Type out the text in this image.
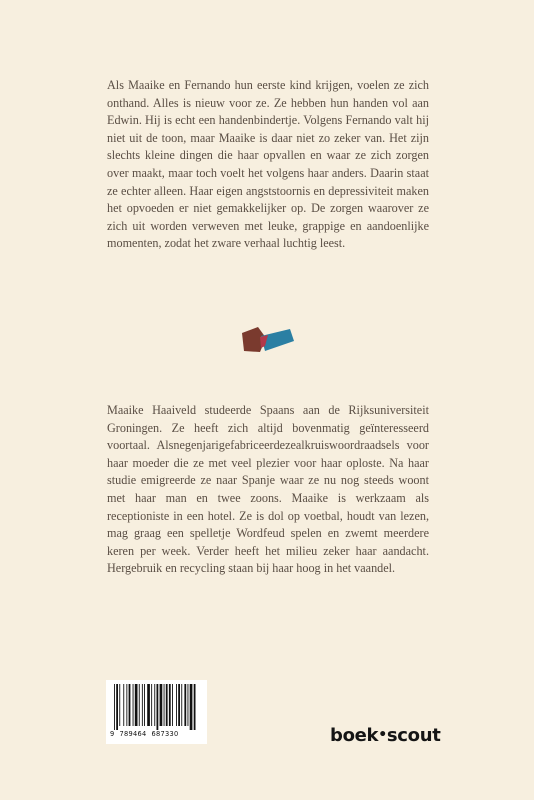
Als Maaike en Fernando hun eerste kind krijgen, voelen ze zich onthand. Alles is nieuw voor ze. Ze hebben hun handen vol aan Edwin. Hij is echt een handenbindertje. Volgens Fernando valt hij niet uit de toon, maar Maaike is daar niet zo zeker van. Het zijn slechts kleine dingen die haar opvallen en waar ze zich zorgen over maakt, maar toch voelt het volgens haar anders. Daarin staat ze echter alleen. Haar eigen angststoornis en depressiviteit maken het opvoeden er niet gemakkelijker op. De zorgen waarover ze zich uit worden verweven met leuke, grappige en aandoenlijke momenten, zodat het zware verhaal luchtig leest.

Maaike Haaiveld studeerde Spaans aan de Rijksuniversiteit Groningen. Ze heeft zich altijd bovenmatig geïnteresseerd voortaal. Alsnegenjarigefabriceerdezealkruiswoordraadsels voor haar moeder die ze met veel plezier voor haar oploste. Na haar studie emigreerde ze naar Spanje waar ze nu nog steeds woont met haar man en twee zoons. Maaike is werkzaam als receptioniste in een hotel. Ze is dol op voetbal, houdt van lezen, mag graag een spelletje Wordfeud spelen en zwemt meerdere keren per week. Verder heeft het milieu zeker haar aandacht. Hergebruik en recycling staan bij haar hoog in het vaandel.

9 789464 687330	boek•scout
